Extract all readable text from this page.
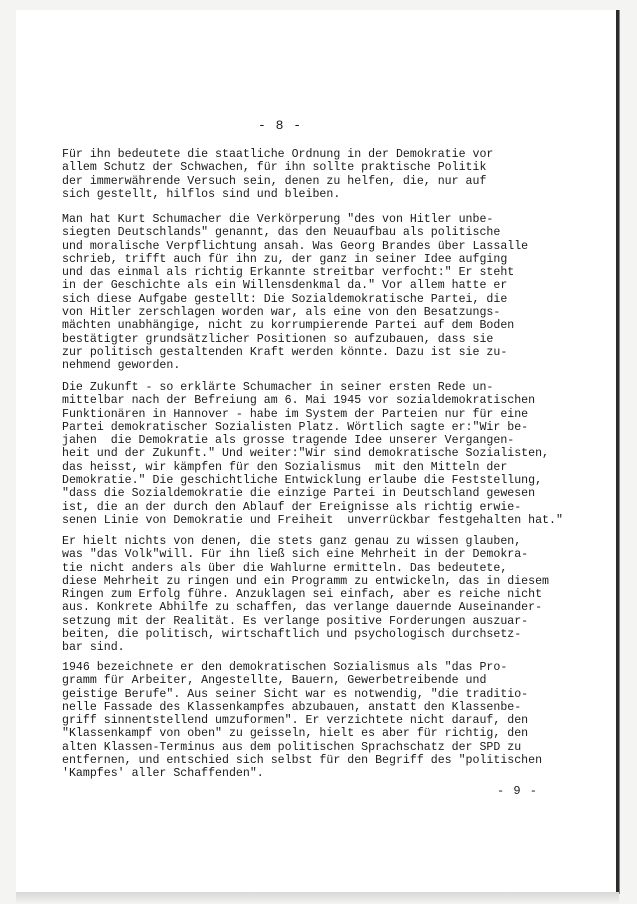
- 8 -
Für ihn bedeutete die staatliche Ordnung in der Demokratie vor
allem Schutz der Schwachen, für ihn sollte praktische Politik
der immerwährende Versuch sein, denen zu helfen, die, nur auf
sich gestellt, hilflos sind und bleiben.
Man hat Kurt Schumacher die Verkörperung "des von Hitler unbe-
siegten Deutschlands" genannt, das den Neuaufbau als politische
und moralische Verpflichtung ansah. Was Georg Brandes über Lassalle
schrieb, trifft auch für ihn zu, der ganz in seiner Idee aufging
und das einmal als richtig Erkannte streitbar verfocht:" Er steht
in der Geschichte als ein Willensdenkmal da." Vor allem hatte er
sich diese Aufgabe gestellt: Die Sozialdemokratische Partei, die
von Hitler zerschlagen worden war, als eine von den Besatzungs-
mächten unabhängige, nicht zu korrumpierende Partei auf dem Boden
bestätigter grundsätzlicher Positionen so aufzubauen, dass sie
zur politisch gestaltenden Kraft werden könnte. Dazu ist sie zu-
nehmend geworden.
Die Zukunft - so erklärte Schumacher in seiner ersten Rede un-
mittelbar nach der Befreiung am 6. Mai 1945 vor sozialdemokratischen
Funktionären in Hannover - habe im System der Parteien nur für eine
Partei demokratischer Sozialisten Platz. Wörtlich sagte er:"Wir be-
jahen  die Demokratie als grosse tragende Idee unserer Vergangen-
heit und der Zukunft." Und weiter:"Wir sind demokratische Sozialisten,
das heisst, wir kämpfen für den Sozialismus  mit den Mitteln der
Demokratie." Die geschichtliche Entwicklung erlaube die Feststellung,
"dass die Sozialdemokratie die einzige Partei in Deutschland gewesen
ist, die an der durch den Ablauf der Ereignisse als richtig erwie-
senen Linie von Demokratie und Freiheit  unverrückbar festgehalten hat."
Er hielt nichts von denen, die stets ganz genau zu wissen glauben,
was "das Volk"will. Für ihn ließ sich eine Mehrheit in der Demokra-
tie nicht anders als über die Wahlurne ermitteln. Das bedeutete,
diese Mehrheit zu ringen und ein Programm zu entwickeln, das in diesem
Ringen zum Erfolg führe. Anzuklagen sei einfach, aber es reiche nicht
aus. Konkrete Abhilfe zu schaffen, das verlange dauernde Auseinander-
setzung mit der Realität. Es verlange positive Forderungen auszuar-
beiten, die politisch, wirtschaftlich und psychologisch durchsetz-
bar sind.
1946 bezeichnete er den demokratischen Sozialismus als "das Pro-
gramm für Arbeiter, Angestellte, Bauern, Gewerbetreibende und
geistige Berufe". Aus seiner Sicht war es notwendig, "die traditio-
nelle Fassade des Klassenkampfes abzubauen, anstatt den Klassenbe-
griff sinnentstellend umzuformen". Er verzichtete nicht darauf, den
"Klassenkampf von oben" zu geisseln, hielt es aber für richtig, den
alten Klassen-Terminus aus dem politischen Sprachschatz der SPD zu
entfernen, und entschied sich selbst für den Begriff des "politischen
'Kampfes' aller Schaffenden".
- 9 -
